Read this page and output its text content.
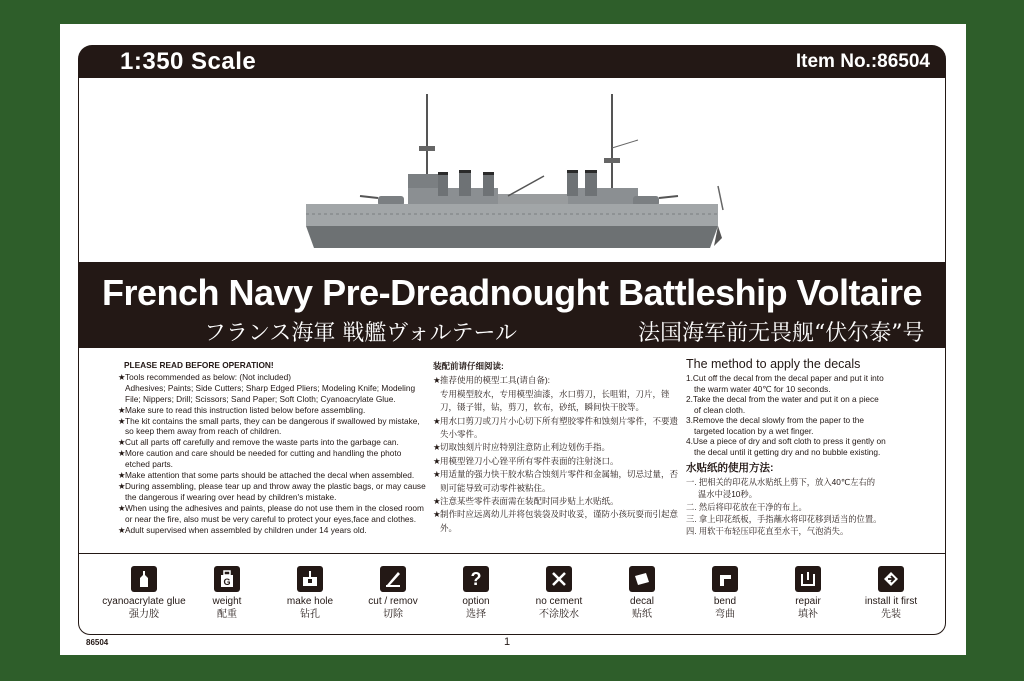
1:350 Scale	Item No.:86504
French Navy Pre-Dreadnought Battleship Voltaire
フランス海軍 戦艦ヴォルテール	法国海军前无畏舰“伏尔泰”号
PLEASE READ BEFORE OPERATION!
★ Tools recommended as below: (Not included)
Adhesives; Paints; Side Cutters; Sharp Edged Pliers; Modeling Knife; Modeling File; Nippers; Drill; Scissors; Sand Paper; Soft Cloth; Cyanoacrylate Glue.
★ Make sure to read this instruction listed below before assembling.
★ The kit contains the small parts, they can be dangerous if swallowed by mistake, so keep them away from reach of children.
★ Cut all parts off carefully and remove the waste parts into the garbage can.
★ More caution and care should be needed for cutting and handling the photo etched parts.
★ Make attention that some parts should be attached the decal when assembled.
★ During assembling, please tear up and throw away the plastic bags, or may cause the dangerous if wearing over head by children's mistake.
★ When using the adhesives and paints, please do not use them in the closed room or near the fire, also must be very careful to protect your eyes,face and clothes.
★ Adult supervised when assembled by children under 14 years old.
装配前请仔细阅读:
★ 推荐使用的模型工具(请自备):
专用模型胶水，专用模型油漆，水口剪刀，长咀钳，刀片，锉刀，镊子钳，钻，剪刀，软布，砂纸，瞬间快干胶等。
★ 用水口剪刀或刀片小心切下所有塑胶零件和蚀刻片零件，不要遗失小零件。
★ 切取蚀刻片时应特别注意防止利边划伤手指。
★ 用模型锉刀小心锉平所有零件表面的注射浇口。
★ 用适量的强力快干胶水粘合蚀刻片零件和金属轴，切忌过量，否则可能导致可动零件被粘住。
★ 注意某些零件表面需在装配时同步贴上水贴纸。
★ 制作时应远离幼儿并将包装袋及时收妥，谨防小孩玩耍而引起意外。
The method to apply the decals
1.Cut off the decal from the decal paper and put it into
the warm water 40℃ for 10 seconds.
2.Take the decal from the water and put it on a piece
of clean cloth.
3.Remove the decal slowly from the paper to the
targeted location by a wet finger.
4.Use a piece of dry and soft cloth to press it gently on
the decal until it getting dry and no bubble existing.
水贴纸的使用方法:
一. 把相关的印花从水贴纸上剪下，放入40℃左右的
温水中浸10秒。
二. 然后将印花放在干净的布上。
三. 拿上印花纸板，手指蘸水将印花移到适当的位置。
四. 用软干布轻压印花直至水干，气泡消失。
cyanoacrylate glue
强力胶
G
weight
配重
make hole
钻孔
cut / remov
切除
?
option
选择
no cement
不涂胶水
decal
贴纸
bend
弯曲
repair
填补
install it first
先装
86504	1
